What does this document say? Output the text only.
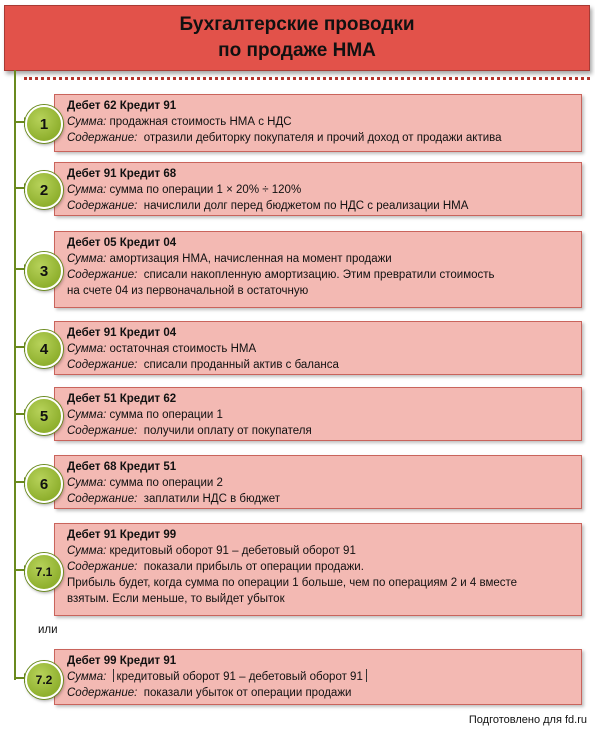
Бухгалтерские проводки
по продаже НМА
Дебет 62 Кредит 91
Сумма: продажная стоимость НМА с НДС
Содержание: отразили дебиторку покупателя и прочий доход от продажи актива
1
Дебет 91 Кредит 68
Сумма: сумма по операции 1 × 20% ÷ 120%
Содержание: начислили долг перед бюджетом по НДС с реализации НМА
2
Дебет 05 Кредит 04
Сумма: амортизация НМА, начисленная на момент продажи
Содержание: списали накопленную амортизацию. Этим превратили стоимость
на счете 04 из первоначальной в остаточную
3
Дебет 91 Кредит 04
Сумма: остаточная стоимость НМА
Содержание: списали проданный актив с баланса
4
Дебет 51 Кредит 62
Сумма: сумма по операции 1
Содержание: получили оплату от покупателя
5
Дебет 68 Кредит 51
Сумма: сумма по операции 2
Содержание: заплатили НДС в бюджет
6
Дебет 91 Кредит 99
Сумма: кредитовый оборот 91 – дебетовый оборот 91
Содержание: показали прибыль от операции продажи.
Прибыль будет, когда сумма по операции 1 больше, чем по операциям 2 и 4 вместе
взятым. Если меньше, то выйдет убыток
7.1
или
Дебет 99 Кредит 91
Сумма: кредитовый оборот 91 – дебетовый оборот 91
Содержание: показали убыток от операции продажи
7.2
Подготовлено для fd.ru
